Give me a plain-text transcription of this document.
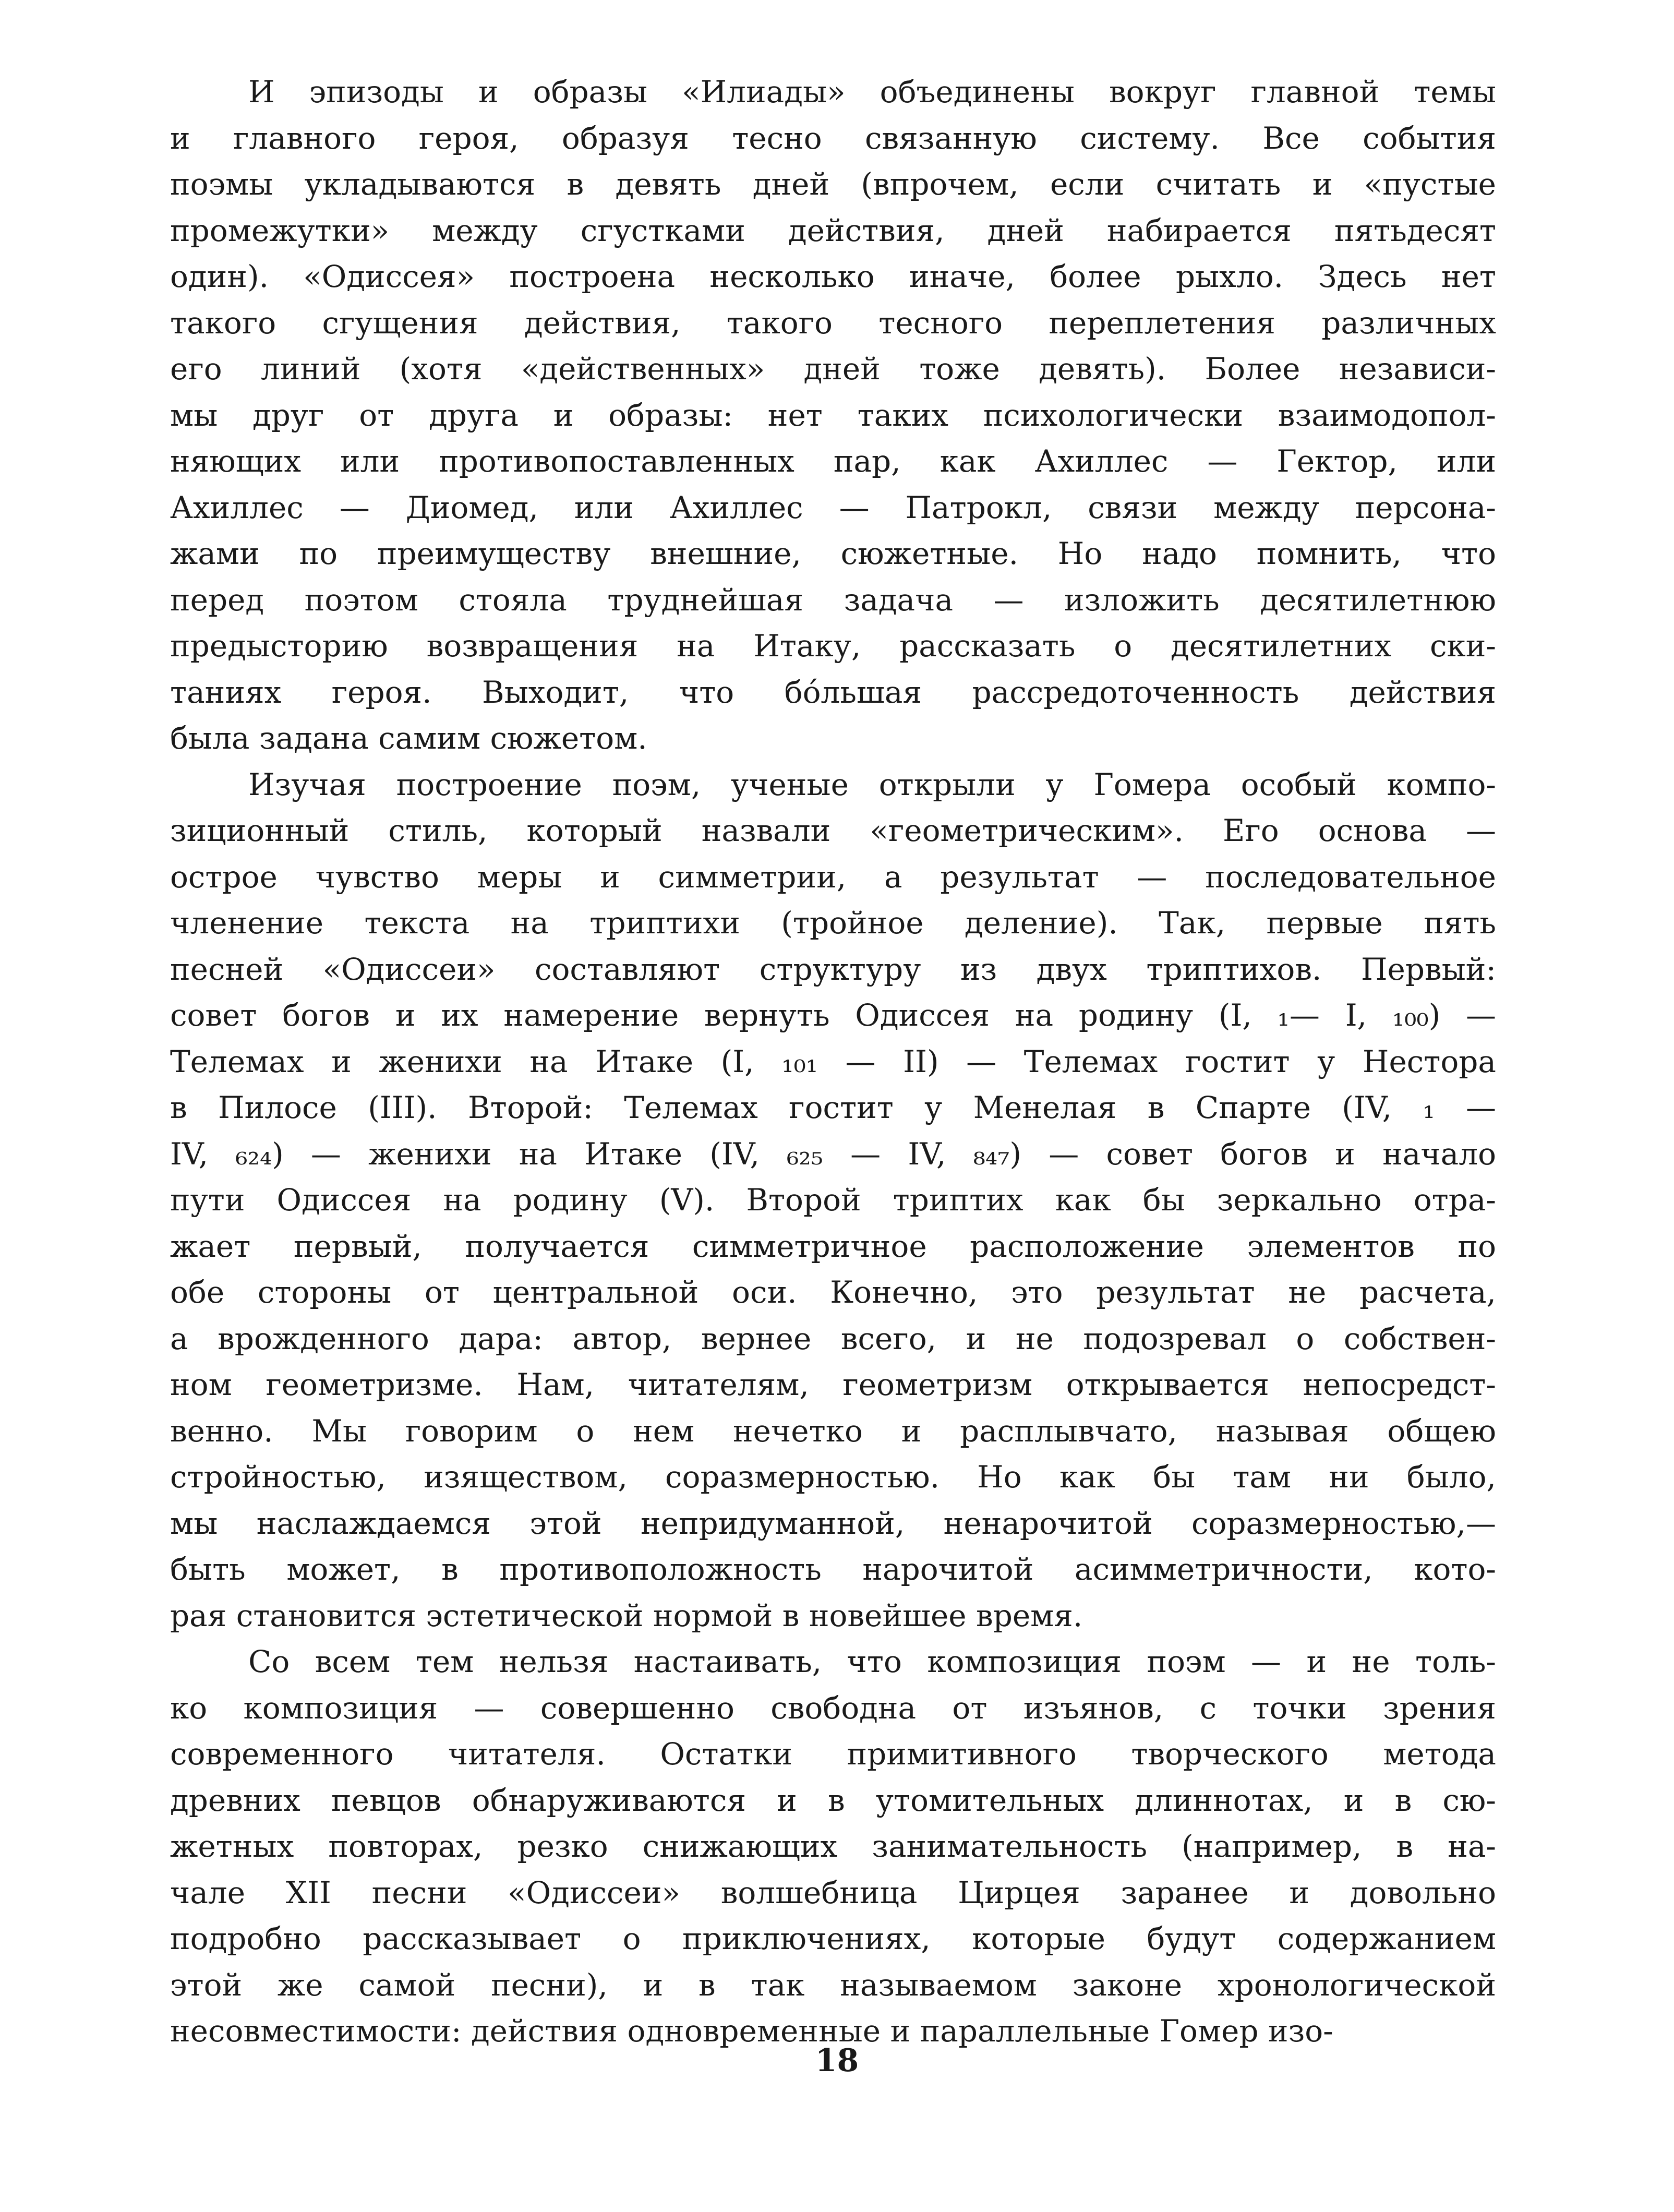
И эпизоды и образы «Илиады» объединены вокруг главной темы
и главного героя, образуя тесно связанную систему. Все события
поэмы укладываются в девять дней (впрочем, если считать и «пустые
промежутки» между сгустками действия, дней набирается пятьдесят
один). «Одиссея» построена несколько иначе, более рыхло. Здесь нет
такого сгущения действия, такого тесного переплетения различных
его линий (хотя «действенных» дней тоже девять). Более независи-
мы друг от друга и образы: нет таких психологически взаимодопол-
няющих или противопоставленных пар, как Ахиллес — Гектор, или
Ахиллес — Диомед, или Ахиллес — Патрокл, связи между персона-
жами по преимуществу внешние, сюжетные. Но надо помнить, что
перед поэтом стояла труднейшая задача — изложить десятилетнюю
предысторию возвращения на Итаку, рассказать о десятилетних ски-
таниях героя. Выходит, что бóльшая рассредоточенность действия
была задана самим сюжетом.
Изучая построение поэм, ученые открыли у Гомера особый компо-
зиционный стиль, который назвали «геометрическим». Его основа —
острое чувство меры и симметрии, а результат — последовательное
членение текста на триптихи (тройное деление). Так, первые пять
песней «Одиссеи» составляют структуру из двух триптихов. Первый:
совет богов и их намерение вернуть Одиссея на родину (I, ₁— I, ₁₀₀) —
Телемах и женихи на Итаке (I, ₁₀₁ — II) — Телемах гостит у Нестора
в Пилосе (III). Второй: Телемах гостит у Менелая в Спарте (IV, ₁ —
IV, ₆₂₄) — женихи на Итаке (IV, ₆₂₅ — IV, ₈₄₇) — совет богов и начало
пути Одиссея на родину (V). Второй триптих как бы зеркально отра-
жает первый, получается симметричное расположение элементов по
обе стороны от центральной оси. Конечно, это результат не расчета,
а врожденного дара: автор, вернее всего, и не подозревал о собствен-
ном геометризме. Нам, читателям, геометризм открывается непосредст-
венно. Мы говорим о нем нечетко и расплывчато, называя общею
стройностью, изяществом, соразмерностью. Но как бы там ни было,
мы наслаждаемся этой непридуманной, ненарочитой соразмерностью,—
быть может, в противоположность нарочитой асимметричности, кото-
рая становится эстетической нормой в новейшее время.
Со всем тем нельзя настаивать, что композиция поэм — и не толь-
ко композиция — совершенно свободна от изъянов, с точки зрения
современного читателя. Остатки примитивного творческого метода
древних певцов обнаруживаются и в утомительных длиннотах, и в сю-
жетных повторах, резко снижающих занимательность (например, в на-
чале XII песни «Одиссеи» волшебница Цирцея заранее и довольно
подробно рассказывает о приключениях, которые будут содержанием
этой же самой песни), и в так называемом законе хронологической
несовместимости: действия одновременные и параллельные Гомер изо-
18
